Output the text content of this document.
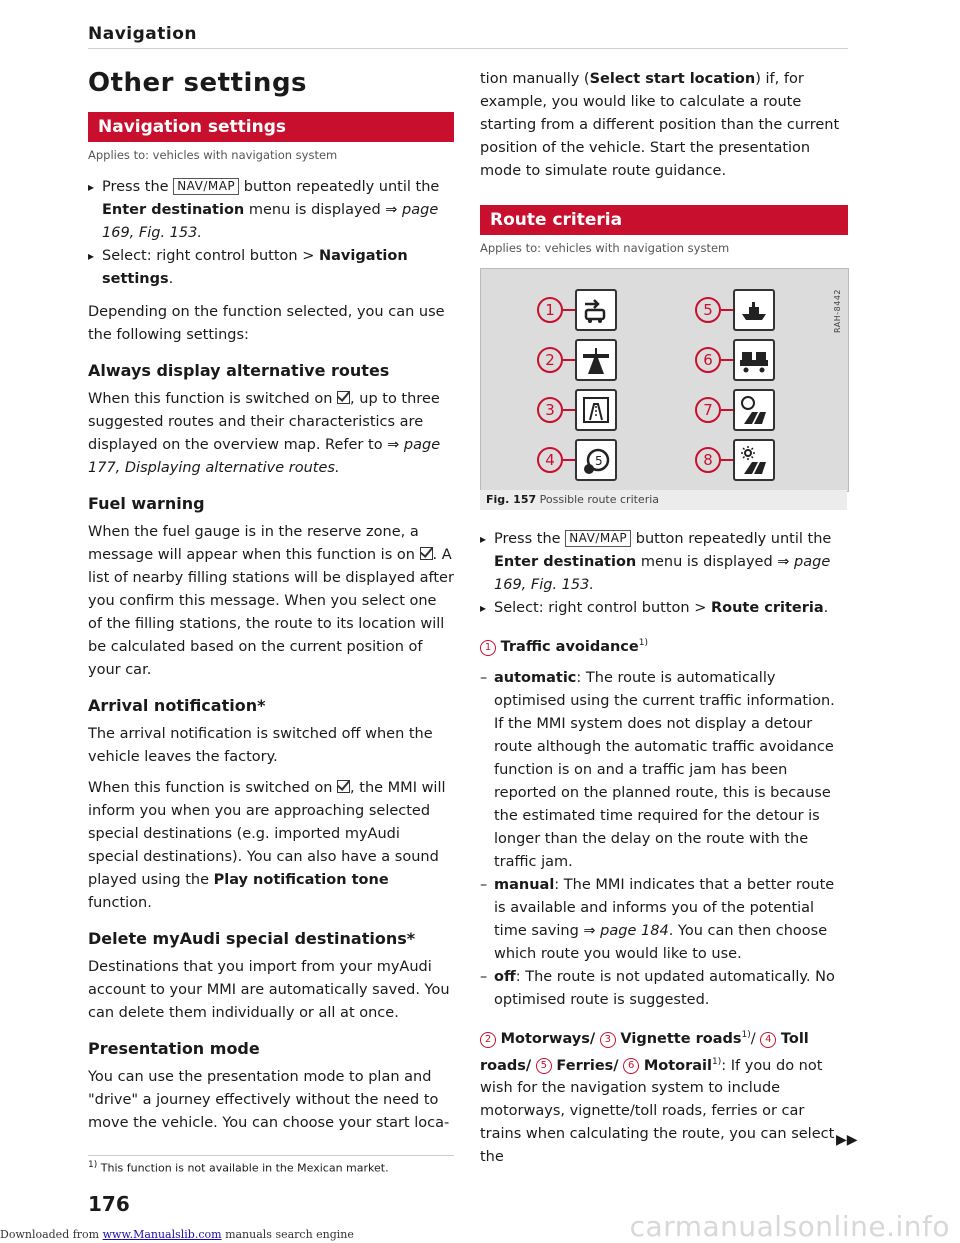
Navigation
Other settings
Navigation settings
Applies to: vehicles with navigation system
▸ Press the NAV/MAP button repeatedly until the Enter destination menu is displayed ⇒ page 169, Fig. 153.
▸ Select: right control button > Navigation settings.

Depending on the function selected, you can use the following settings:

Always display alternative routes

When this function is switched on , up to three suggested routes and their characteristics are displayed on the overview map. Refer to ⇒ page 177, Displaying alternative routes.

Fuel warning

When the fuel gauge is in the reserve zone, a message will appear when this function is on . A list of nearby filling stations will be displayed after you confirm this message. When you select one of the filling stations, the route to its location will be calculated based on the current position of your car.

Arrival notification*

The arrival notification is switched off when the vehicle leaves the factory.

When this function is switched on , the MMI will inform you when you are approaching selected special destinations (e.g. imported myAudi special destinations). You can also have a sound played using the Play notification tone function.

Delete myAudi special destinations*

Destinations that you import from your myAudi account to your MMI are automatically saved. You can delete them individually or all at once.

Presentation mode

You can use the presentation mode to plan and "drive" a journey effectively without the need to move the vehicle. You can choose your start loca-

tion manually (Select start location) if, for example, you would like to calculate a route starting from a different position than the current position of the vehicle. Start the presentation mode to simulate route guidance.

Route criteria
Applies to: vehicles with navigation system
RAH-8442
1
2
3
4	5
5
6
7
8
Fig. 157 Possible route criteria
▸ Press the NAV/MAP button repeatedly until the Enter destination menu is displayed ⇒ page 169, Fig. 153.
▸ Select: right control button > Route criteria.

1 Traffic avoidance$^{1)}$

– automatic: The route is automatically optimised using the current traffic information. If the MMI system does not display a detour route although the automatic traffic avoidance function is on and a traffic jam has been reported on the planned route, this is because the estimated time required for the detour is longer than the delay on the route with the traffic jam.
– manual: The MMI indicates that a better route is available and informs you of the potential time saving ⇒ page 184. You can then choose which route you would like to use.
– off: The route is not updated automatically. No optimised route is suggested.

2 Motorways/ 3 Vignette roads$^{1)}$/ 4 Toll roads/ 5 Ferries/ 6 Motorail$^{1)}$: If you do not wish for the navigation system to include motorways, vignette/toll roads, ferries or car trains when calculating the route, you can select the

▶▶
$^{1)}$ This function is not available in the Mexican market.
176
Downloaded from www.Manualslib.com manuals search engine	carmanualsonline.info
